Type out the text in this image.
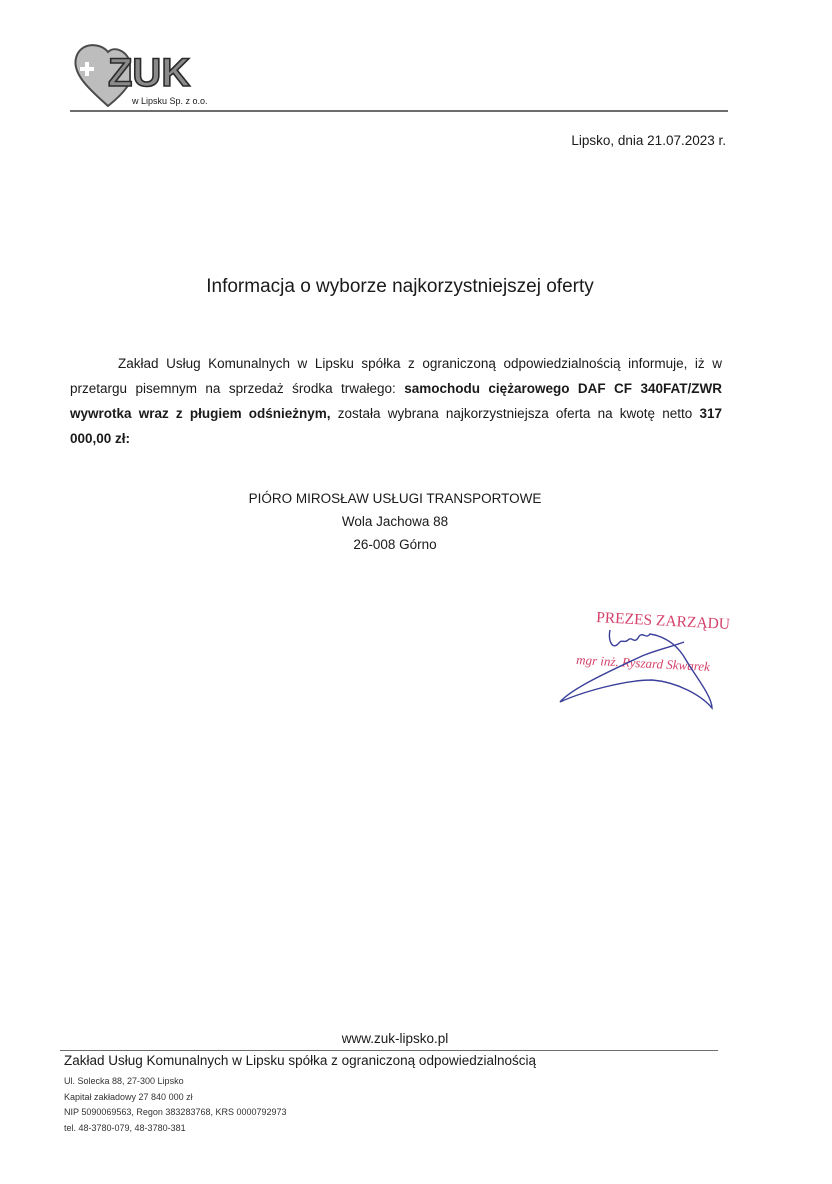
ZUK
w Lipsku Sp. z o.o.
Lipsko, dnia 21.07.2023 r.
Informacja o wyborze najkorzystniejszej oferty
Zakład Usług Komunalnych w Lipsku spółka z ograniczoną odpowiedzialnością informuje, iż w przetargu pisemnym na sprzedaż środka trwałego: samochodu ciężarowego DAF CF 340FAT/ZWR wywrotka wraz z pługiem odśnieżnym, została wybrana najkorzystniejsza oferta na kwotę netto 317 000,00 zł:
PIÓRO MIROSŁAW USŁUGI TRANSPORTOWE
Wola Jachowa 88
26-008 Górno
PREZES ZARZĄDU
mgr inż. Ryszard Skwarek
www.zuk-lipsko.pl
Zakład Usług Komunalnych w Lipsku spółka z ograniczoną odpowiedzialnością
Ul. Solecka 88, 27-300 Lipsko
Kapitał zakładowy 27 840 000 zł
NIP 5090069563, Regon 383283768, KRS 0000792973
tel. 48-3780-079, 48-3780-381
